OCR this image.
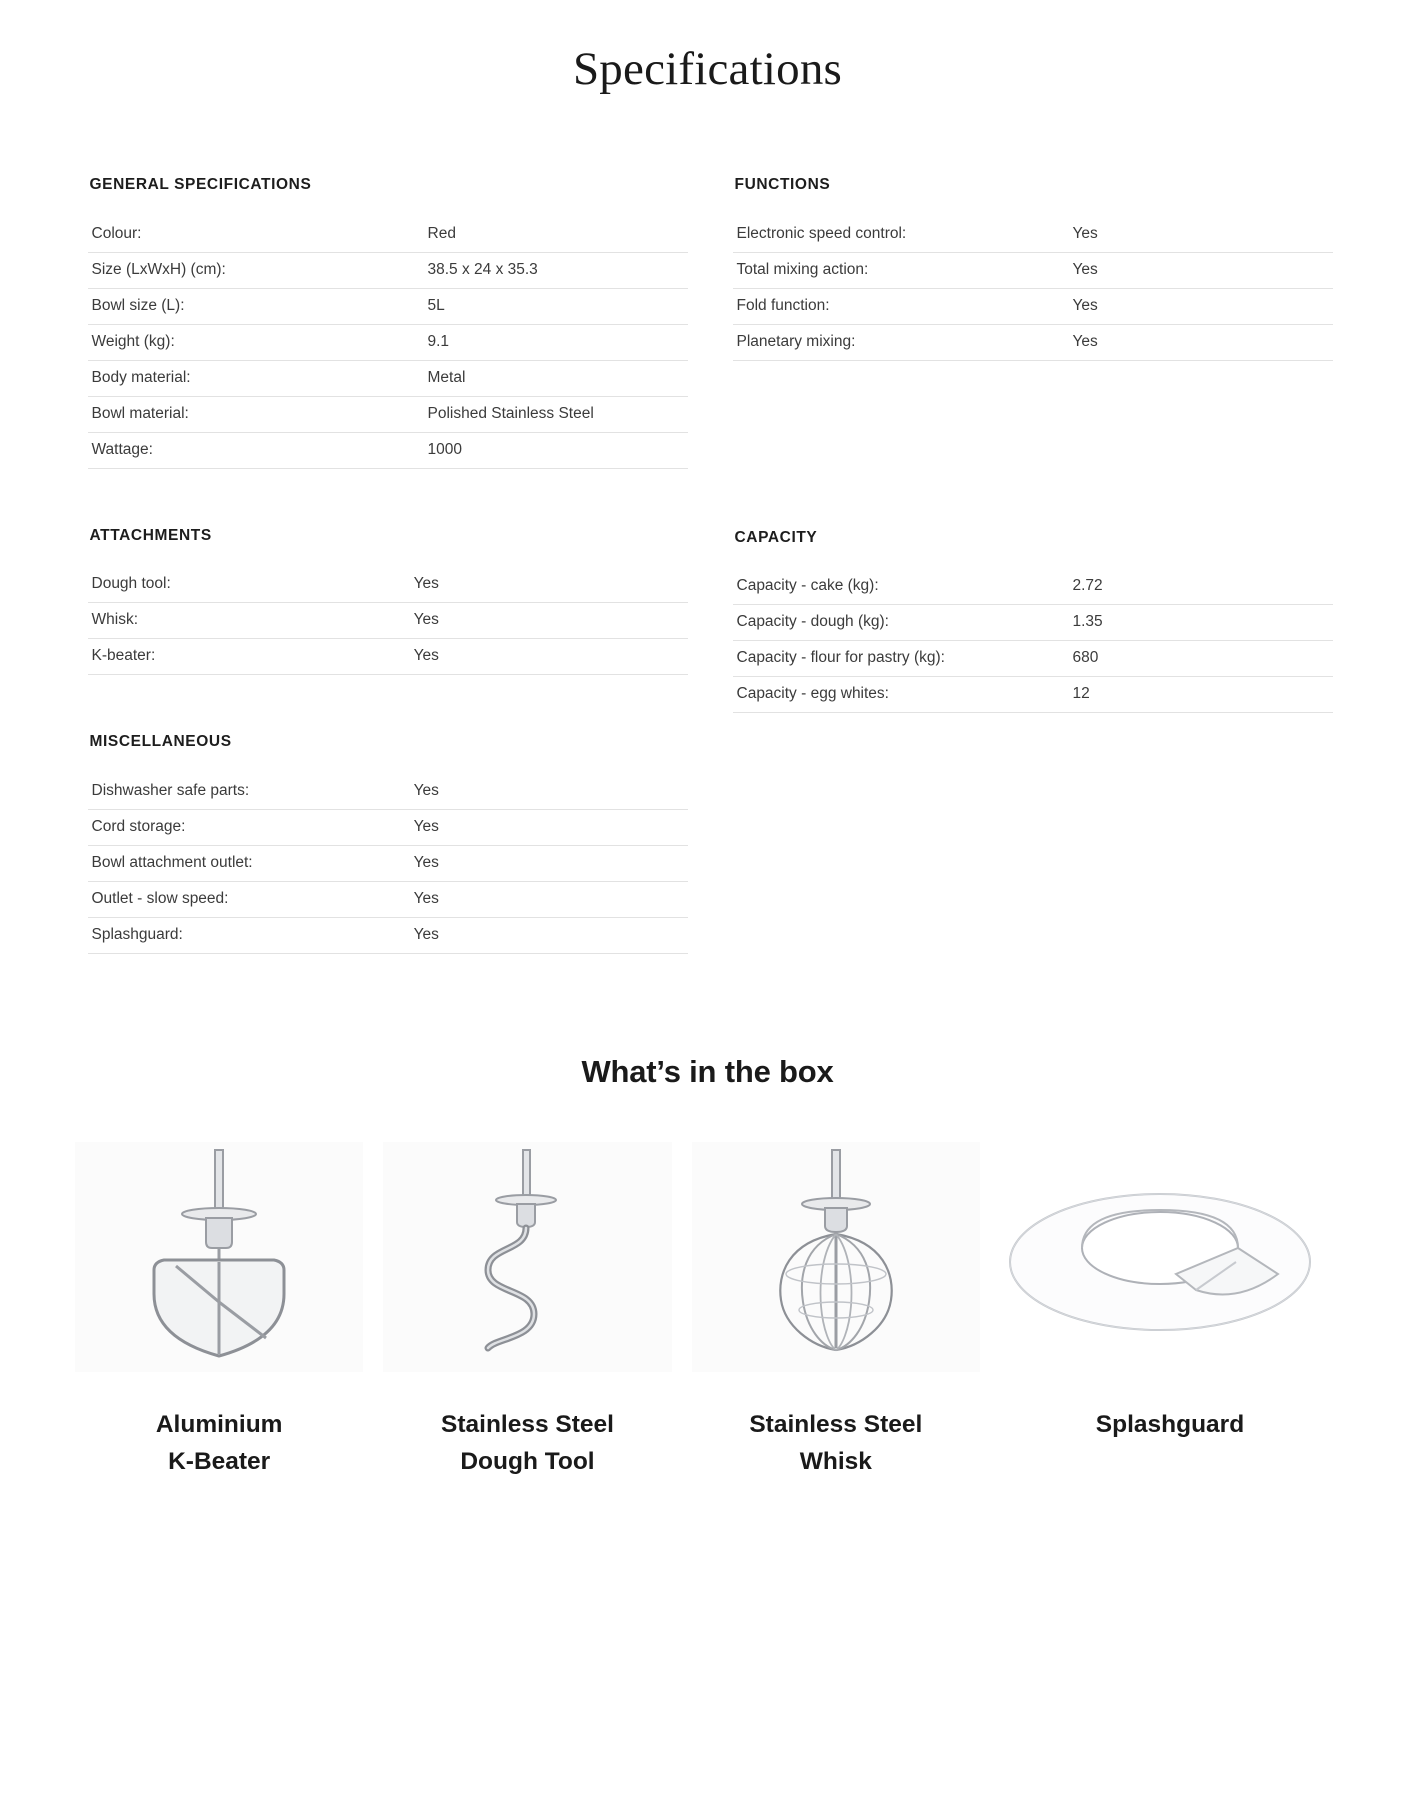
Specifications
GENERAL SPECIFICATIONS
Colour:	Red
Size (LxWxH) (cm):	38.5 x 24 x 35.3
Bowl size (L):	5L
Weight (kg):	9.1
Body material:	Metal
Bowl material:	Polished Stainless Steel
Wattage:	1000
ATTACHMENTS
Dough tool:	Yes
Whisk:	Yes
K-beater:	Yes
MISCELLANEOUS
Dishwasher safe parts:	Yes
Cord storage:	Yes
Bowl attachment outlet:	Yes
Outlet - slow speed:	Yes
Splashguard:	Yes
FUNCTIONS
Electronic speed control:	Yes
Total mixing action:	Yes
Fold function:	Yes
Planetary mixing:	Yes
CAPACITY
Capacity - cake (kg):	2.72
Capacity - dough (kg):	1.35
Capacity - flour for pastry (kg):	680
Capacity - egg whites:	12
What’s in the box
Aluminium
K-Beater
Stainless Steel
Dough Tool
Stainless Steel
Whisk
Splashguard
